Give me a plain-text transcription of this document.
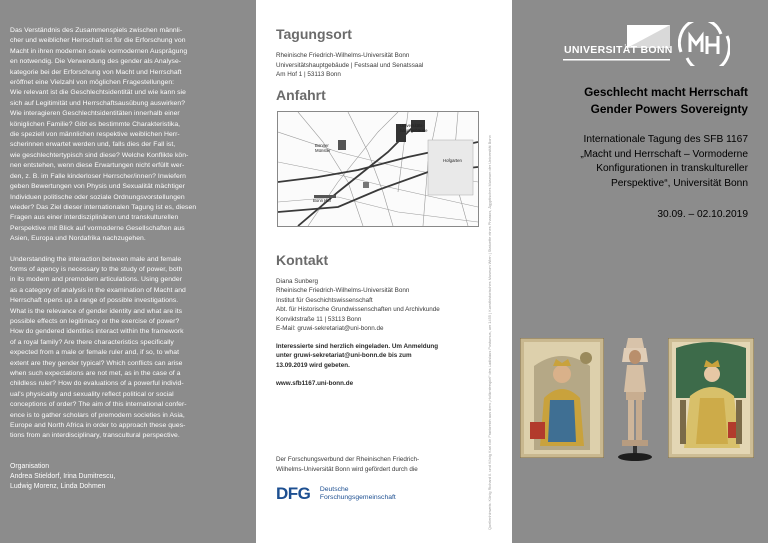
Das Verständnis des Zusammenspiels zwischen männli-
cher und weiblicher Herrschaft ist für die Erforschung von
Macht in ihren modernen sowie vormodernen Ausprägung
en notwendig. Die Verwendung des gender als Analyse-
kategorie bei der Erforschung von Macht und Herrschaft
eröffnet eine Vielzahl von möglichen Fragestellungen:
Wie relevant ist die Geschlechtsidentität und wie kann sie
sich auf Legitimität und Herrschaftsausübung auswirken?
Wie interagieren Geschlechtsidentitäten innerhalb einer
königlichen Familie? Gibt es bestimmte Charakteristika,
die speziell von männlichen respektive weiblichen Herr-
scherinnen erwartet werden und, falls dies der Fall ist,
wie geschlechtertypisch sind diese? Welche Konflikte kön-
nen entstehen, wenn diese Erwartungen nicht erfüllt wer-
den, z. B. im Falle kinderloser Herrscher/innen? Inwiefern
geben Bewertungen von Physis und Sexualität mächtiger
Individuen politische oder soziale Ordnungsvorstellungen
wieder? Das Ziel dieser internationalen Tagung ist es, diesen
Fragen aus einer interdisziplinären und transkulturellen
Perspektive mit Blick auf vormoderne Gesellschaften aus
Asien, Europa und Nordafrika nachzugehen.

Understanding the interaction between male and female
forms of agency is necessary to the study of power, both
in its modern and premodern articulations. Using gender
as a category of analysis in the examination of Macht and
Herrschaft opens up a range of possible investigations.
What is the relevance of gender identity and what are its
possible effects on legitimacy or the exercise of power?
How do gendered identities interact within the framework
of a royal family? Are there characteristics specifically
expected from a male or female ruler and, if so, to what
extent are they gender typical? Which conflicts can arise
when such expectations are not met, as in the case of a
childless ruler? How do evaluations of a powerful individ-
ual's physicality and sexuality reflect political or social
conceptions of order? The aim of this international confer-
ence is to gather scholars of premodern societies in Asia,
Europe and North Africa in order to approach these ques-
tions from an interdisciplinary, transcultural perspective.

Organisation
Andrea Stieldorf, Irina Dumitrescu,
Ludwig Morenz, Linda Dohmen

Tagungsort

Rheinische Friedrich-Wilhelms-Universität Bonn
Universitätshauptgebäude | Festsaal und Senatssaal
Am Hof 1 | 53113 Bonn

Anfahrt
Kontakt

Diana Sunberg
Rheinische Friedrich-Wilhelms-Universität Bonn
Institut für Geschichtswissenschaft
Abt. für Historische Grundwissenschaften und Archivkunde
Konviktstraße 11 | 53113 Bonn
E-Mail: gruwi-sekretariat@uni-bonn.de

Interessierte sind herzlich eingeladen. Um Anmeldung
unter gruwi-sekretariat@uni-bonn.de bis zum
13.09.2019 wird gebeten.

www.sfb1167.uni-bonn.de

Der Forschungsverbund der Rheinischen Friedrich-
Wilhelms-Universität Bonn wird gefördert durch die

Universitäts-
hauptgebäude
Bonner
Münster
Hofgarten
Bonn Hbf
DFG Deutsche
Forschungsgemeinschaft	Quellenhinweis: König Richard II. und König Karl von Frankreich aus dem „Hofämterspiel“ des Ladislaus Postumus, um 1455 | Kunsthistorisches Museum Wien | Statuette eines Pharaos, Ägyptisches Museum der Universität Bonn
UNIVERSITÄT BONN

Geschlecht macht Herrschaft
Gender Powers Sovereignty

Internationale Tagung des SFB 1167
„Macht und Herrschaft – Vormoderne
Konfigurationen in transkultureller
Perspektive“, Universität Bonn

30.09. – 02.10.2019
